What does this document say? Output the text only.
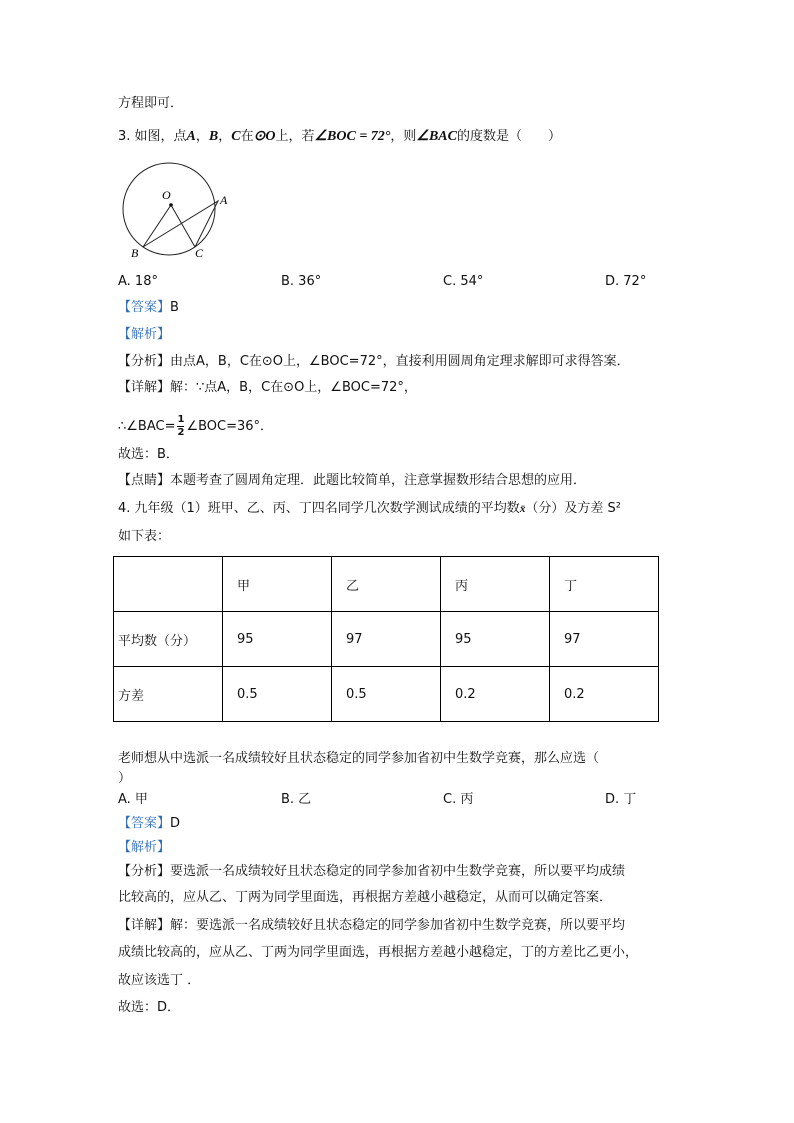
方程即可．
3. 如图，点A，B，C在⊙O上，若∠BOC = 72°，则∠BAC的度数是（　　）
O	A
B	C
A. 18°	B. 36°	C. 54°	D. 72°
【答案】B
【解析】
【分析】由点A，B，C在⊙O上，∠BOC=72°，直接利用圆周角定理求解即可求得答案．
【详解】解：∵点A，B，C在⊙O上，∠BOC=72°，
∴∠BAC= $\frac{1}{2}$ ∠BOC=36°．
故选：B．
【点睛】本题考查了圆周角定理．此题比较简单，注意掌握数形结合思想的应用．
4. 九年级（1）班甲、乙、丙、丁四名同学几次数学测试成绩的平均数x̄（分）及方差 S²
如下表：
	甲	乙	丙	丁
平均数（分）	95	97	95	97
方差	0.5	0.5	0.2	0.2
老师想从中选派一名成绩较好且状态稳定的同学参加省初中生数学竞赛，那么应选（
）
A. 甲	B. 乙	C. 丙	D. 丁
【答案】D
【解析】
【分析】要选派一名成绩较好且状态稳定的同学参加省初中生数学竞赛，所以要平均成绩
比较高的，应从乙、丁两为同学里面选，再根据方差越小越稳定，从而可以确定答案．
【详解】解：要选派一名成绩较好且状态稳定的同学参加省初中生数学竞赛，所以要平均
成绩比较高的，应从乙、丁两为同学里面选，再根据方差越小越稳定，丁的方差比乙更小，
故应该选丁 ．
故选：D．
